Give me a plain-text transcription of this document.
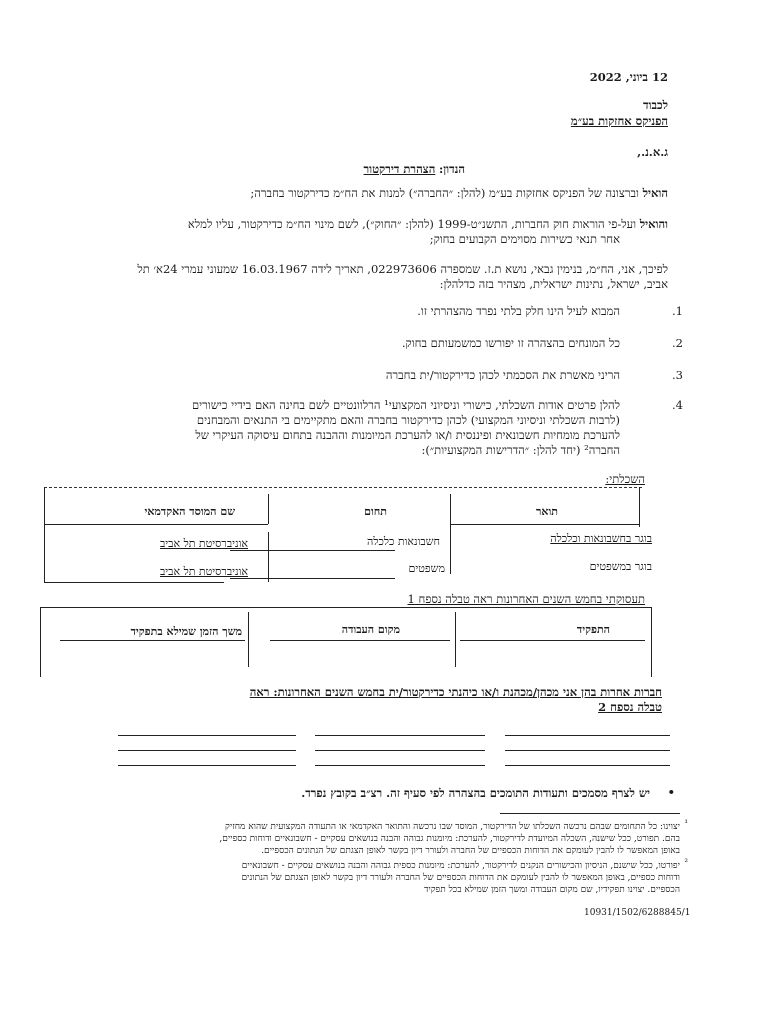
12 ביוני, 2022
לכבוד
הפניקס אחזקות בע״מ
ג.א.נ.,
הנדון: הצהרת דירקטור
הואיל וברצונה של הפניקס אחזקות בע״מ (להלן: ״החברה״) למנות את הח״מ כדירקטור בחברה;
והואיל ועל-פי הוראות חוק החברות, התשנ״ט-1999 (להלן: ״החוק״), לשם מינוי הח״מ כדירקטור, עליו למלא
אחר תנאי כשירות מסוימים הקבועים בחוק;
לפיכך, אני, הח״מ, בנימין גבאי, נושא ת.ז. שמספרה 022973606, תאריך לידה 16.03.1967 שמעוני עמרי 24א׳ תל
אביב, ישראל, נתינות ישראלית, מצהיר בזה כדלהלן:
1.
המבוא לעיל הינו חלק בלתי נפרד מהצהרתי זו.
2.
כל המונחים בהצהרה זו יפורשו כמשמעותם בחוק.
3.
הריני מאשרת את הסכמתי לכהן כדירקטור/ית בחברה
4.
להלן פרטים אודות השכלתי, כישורי וניסיוני המקצועי¹ הרלוונטיים לשם בחינה האם בידיי כישורים
(לרבות השכלתי וניסיוני המקצועי) לכהן כדירקטור בחברה והאם מתקיימים בי התנאים והמבחנים
להערכת מומחיות חשבונאית ופיננסית ו/או להערכת המיומנות וההבנה בתחום עיסוקה העיקרי של
החברה² (יחד להלן: ״הדרישות המקצועיות״):
השכלתי:
תואר
תחום
שם המוסד האקדמאי
בוגר בחשבונאות וכלכלה
חשבונאות כלכלה
אוניברסיטת תל אביב
בוגר במשפטים
משפטים
אוניברסיטת תל אביב
תעסוקתי בחמש השנים האחרונות ראה טבלה נספח 1
התפקיד
מקום העבודה
משך הזמן שמילא בתפקיד
חברות אחרות בהן אני מכהן/מכהנת ו/או כיהנתי כדירקטור/ית בחמש השנים האחרונות: ראה
טבלה נספח 2
•
יש לצרף מסמכים ותעודות התומכים בהצהרה לפי סעיף זה. רצ״ב בקובץ נפרד.
¹
יצוינו: כל התחומים שבהם נרכשה השכלתו של הדירקטור, המוסד שבו נרכשה והתואר האקדמאי או התעודה המקצועית שהוא מחזיק
בהם. תפורט, ככל שישנה, השכלה המיועדת לדירקטור, להערכת: מיומנות גבוהה והבנה בנושאים עסקיים - חשבונאיים ודוחות כספיים,
באופן המאפשר לו להבין לעומקם את הדוחות הכספיים של החברה ולעורר דיון בקשר לאופן הצגתם של הנתונים הכספיים.
²
יפורטו, ככל שישנם, הניסיון והכישורים הנקנים לדירקטור, להערכת: מיומנות כספית גבוהה והבנה בנושאים עסקיים - חשבונאיים
ודוחות כספיים, באופן המאפשר לו להבין לעומקם את הדוחות הכספיים של החברה ולעורר דיון בקשר לאופן הצגתם של הנתונים
הכספיים. יצוינו תפקידיו, שם מקום העבודה ומשך הזמן שמילא בכל תפקיד
10931/1502/6288845/1
